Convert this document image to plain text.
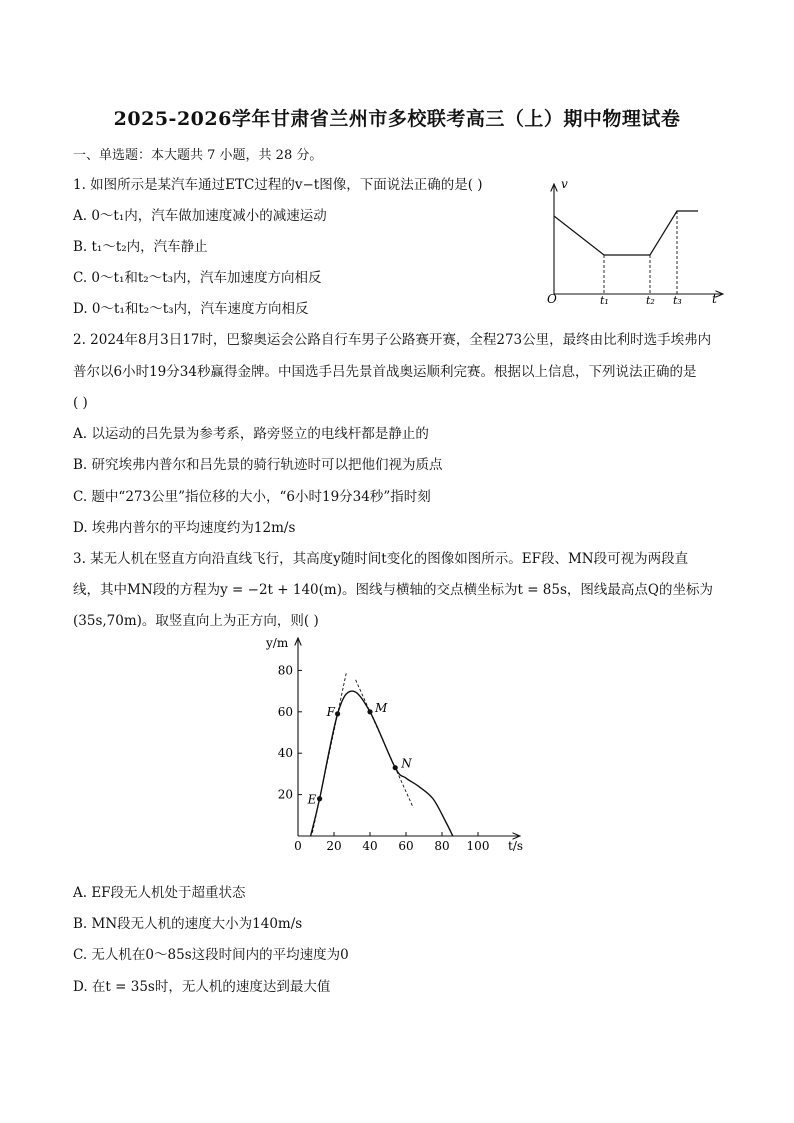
2025-2026学年甘肃省兰州市多校联考高三（上）期中物理试卷
一、单选题：本大题共 7 小题，共 28 分。
1. 如图所示是某汽车通过ETC过程的v−t图像，下面说法正确的是( )
A. 0～t₁内，汽车做加速度减小的减速运动
B. t₁～t₂内，汽车静止
C. 0～t₁和t₂～t₃内，汽车加速度方向相反
D. 0～t₁和t₂～t₃内，汽车速度方向相反
v
t
O	t₁	t₂ t₃
2. 2024年8月3日17时，巴黎奥运会公路自行车男子公路赛开赛，全程273公里，最终由比利时选手埃弗内
普尔以6小时19分34秒赢得金牌。中国选手吕先景首战奥运顺利完赛。根据以上信息，下列说法正确的是
( )
A. 以运动的吕先景为参考系，路旁竖立的电线杆都是静止的
B. 研究埃弗内普尔和吕先景的骑行轨迹时可以把他们视为质点
C. 题中“273公里”指位移的大小，“6小时19分34秒”指时刻
D. 埃弗内普尔的平均速度约为12m/s
3. 某无人机在竖直方向沿直线飞行，其高度y随时间t变化的图像如图所示。EF段、MN段可视为两段直
线，其中MN段的方程为y = −2t + 140(m)。图线与横轴的交点横坐标为t = 85s，图线最高点Q的坐标为
(35s,70m)。取竖直向上为正方向，则( )
y/m
t/s
0 20 40 60 80 100
20
40
60
80
E
F	M
N
A. EF段无人机处于超重状态
B. MN段无人机的速度大小为140m/s
C. 无人机在0～85s这段时间内的平均速度为0
D. 在t = 35s时，无人机的速度达到最大值
